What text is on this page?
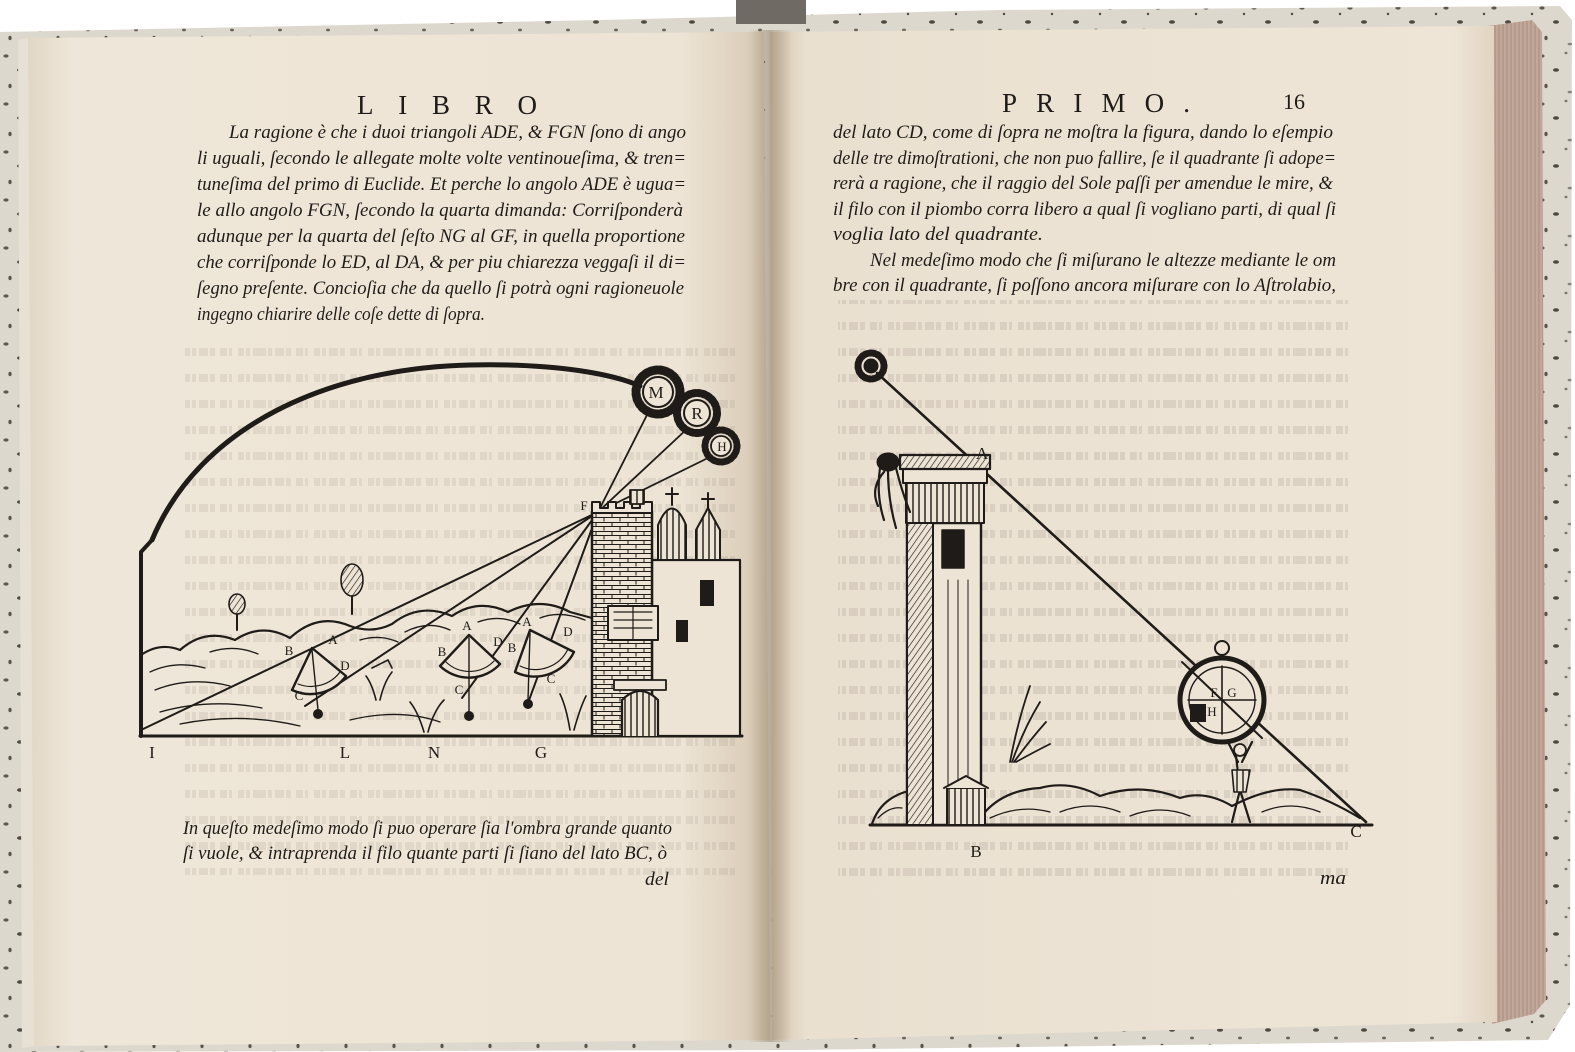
LIBRO	PRIMO.	16
La ragione è che i duoi triangoli ADE, & FGN ſono di ango
li uguali, ſecondo le allegate molte volte ventinoueſima, & tren=
tuneſima del primo di Euclide. Et perche lo angolo ADE è ugua=
le allo angolo FGN, ſecondo la quarta dimanda: Corriſponderà
adunque per la quarta del ſeſto NG al GF, in quella proportione
che corriſponde lo ED, al DA, & per piu chiarezza veggaſi il di=
ſegno preſente. Concioſia che da quello ſi potrà ogni ragioneuole
ingegno chiarire delle coſe dette di ſopra.
M
R
H
F
B
A
D
C
B
A
D
C
B
A
D
C
I	L	N	G
In queſto medeſimo modo ſi puo operare ſia l'ombra grande quanto
ſi vuole, & intraprenda il filo quante parti ſi ſiano del lato BC, ò
del
del lato CD, come di ſopra ne moſtra la figura, dando lo eſempio
delle tre dimoſtrationi, che non puo fallire, ſe il quadrante ſi adope=
rerà a ragione, che il raggio del Sole paſſi per amendue le mire, &
il filo con il piombo corra libero a qual ſi vogliano parti, di qual ſi
voglia lato del quadrante.
Nel medeſimo modo che ſi miſurano le altezze mediante le om
bre con il quadrante, ſi poſſono ancora miſurare con lo Aſtrolabio,
A
B
C
F G
H
ma
